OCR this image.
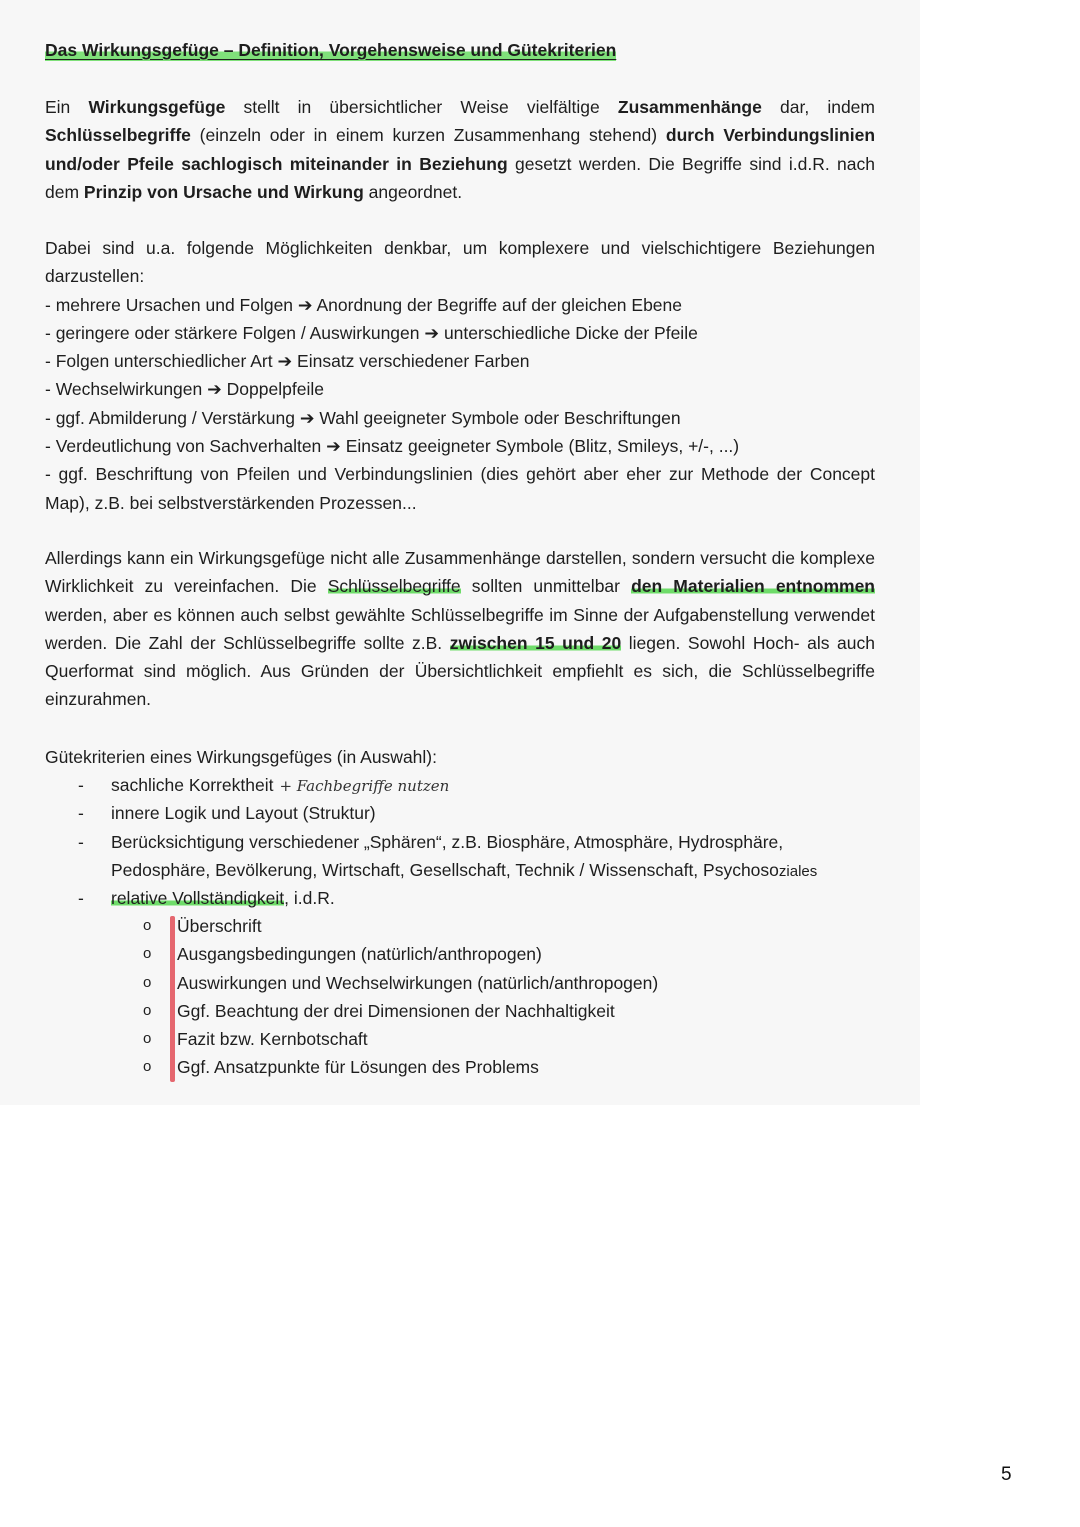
Das Wirkungsgefüge – Definition, Vorgehensweise und Gütekriterien

Ein Wirkungsgefüge stellt in übersichtlicher Weise vielfältige Zusammenhänge dar, indem Schlüsselbegriffe (einzeln oder in einem kurzen Zusammenhang stehend) durch Verbindungslinien und/oder Pfeile sachlogisch miteinander in Beziehung gesetzt werden. Die Begriffe sind i.d.R. nach dem Prinzip von Ursache und Wirkung angeordnet.

Dabei sind u.a. folgende Möglichkeiten denkbar, um komplexere und vielschichtigere Beziehungen darzustellen:
- mehrere Ursachen und Folgen ➔ Anordnung der Begriffe auf der gleichen Ebene
- geringere oder stärkere Folgen / Auswirkungen ➔ unterschiedliche Dicke der Pfeile
- Folgen unterschiedlicher Art ➔ Einsatz verschiedener Farben
- Wechselwirkungen ➔ Doppelpfeile
- ggf. Abmilderung / Verstärkung ➔ Wahl geeigneter Symbole oder Beschriftungen
- Verdeutlichung von Sachverhalten ➔ Einsatz geeigneter Symbole (Blitz, Smileys, +/-, ...)
- ggf. Beschriftung von Pfeilen und Verbindungslinien (dies gehört aber eher zur Methode der Concept Map), z.B. bei selbstverstärkenden Prozessen...

Allerdings kann ein Wirkungsgefüge nicht alle Zusammenhänge darstellen, sondern versucht die komplexe Wirklichkeit zu vereinfachen. Die Schlüsselbegriffe sollten unmittelbar den Materialien entnommen werden, aber es können auch selbst gewählte Schlüsselbegriffe im Sinne der Aufgabenstellung verwendet werden. Die Zahl der Schlüsselbegriffe sollte z.B. zwischen 15 und 20 liegen. Sowohl Hoch- als auch Querformat sind möglich. Aus Gründen der Übersichtlichkeit empfiehlt es sich, die Schlüsselbegriffe einzurahmen.

Gütekriterien eines Wirkungsgefüges (in Auswahl):
- sachliche Korrektheit + Fachbegriffe nutzen
- innere Logik und Layout (Struktur)
- Berücksichtigung verschiedener „Sphären“, z.B. Biosphäre, Atmosphäre, Hydrosphäre,
Pedosphäre, Bevölkerung, Wirtschaft, Gesellschaft, Technik / Wissenschaft, Psychosoziales
- relative Vollständigkeit, i.d.R.
o Überschrift
o Ausgangsbedingungen (natürlich/anthropogen)
o Auswirkungen und Wechselwirkungen (natürlich/anthropogen)
o Ggf. Beachtung der drei Dimensionen der Nachhaltigkeit
o Fazit bzw. Kernbotschaft
o Ggf. Ansatzpunkte für Lösungen des Problems
5
